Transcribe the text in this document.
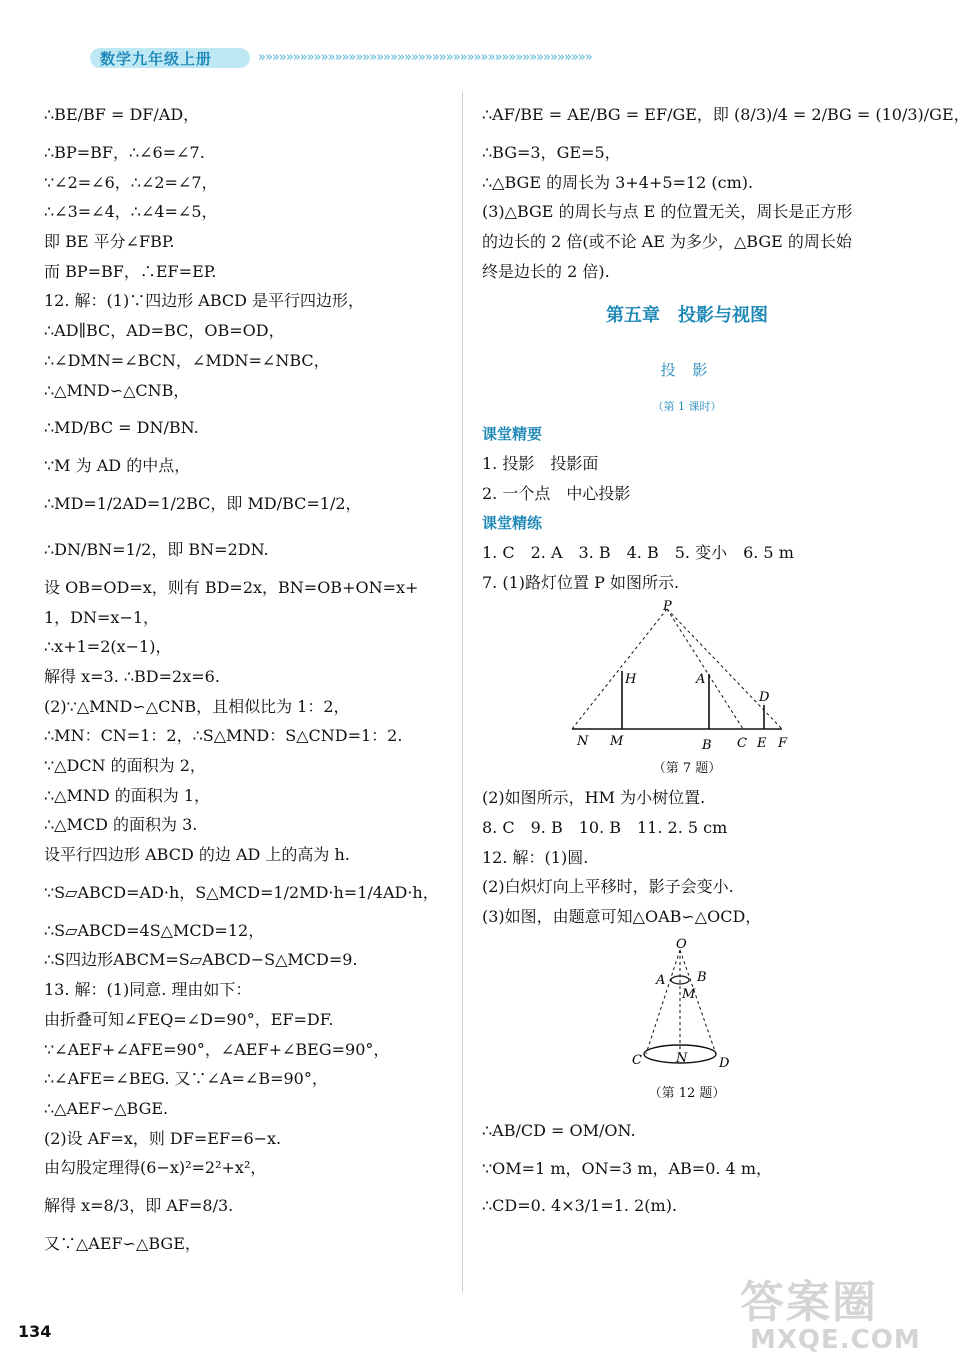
数学九年级上册	»»»»»»»»»»»»»»»»»»»»»»»»»»»»»»»»»»»»»»»»»»»»»»»»
∴BE/BF = DF/AD，
∴BP=BF，∴∠6=∠7.
∵∠2=∠6，∴∠2=∠7，
∴∠3=∠4，∴∠4=∠5，
即 BE 平分∠FBP.
而 BP=BF，∴EF=EP.
12. 解：(1)∵四边形 ABCD 是平行四边形，
∴AD∥BC，AD=BC，OB=OD，
∴∠DMN=∠BCN，∠MDN=∠NBC，
∴△MND∽△CNB，
∴MD/BC = DN/BN.
∵M 为 AD 的中点，
∴MD=1/2AD=1/2BC，即 MD/BC=1/2，
∴DN/BN=1/2，即 BN=2DN.
设 OB=OD=x，则有 BD=2x，BN=OB+ON=x+
1，DN=x−1，
∴x+1=2(x−1)，
解得 x=3. ∴BD=2x=6.
(2)∵△MND∽△CNB，且相似比为 1：2，
∴MN：CN=1：2，∴S△MND：S△CND=1：2.
∵△DCN 的面积为 2，
∴△MND 的面积为 1，
∴△MCD 的面积为 3.
设平行四边形 ABCD 的边 AD 上的高为 h.
∵S▱ABCD=AD·h，S△MCD=1/2MD·h=1/4AD·h，
∴S▱ABCD=4S△MCD=12，
∴S四边形ABCM=S▱ABCD−S△MCD=9.
13. 解：(1)同意. 理由如下：
由折叠可知∠FEQ=∠D=90°，EF=DF.
∵∠AEF+∠AFE=90°，∠AEF+∠BEG=90°，
∴∠AFE=∠BEG. 又∵∠A=∠B=90°，
∴△AEF∽△BGE.
(2)设 AF=x，则 DF=EF=6−x.
由勾股定理得(6−x)²=2²+x²，
解得 x=8/3，即 AF=8/3.
又∵△AEF∽△BGE，
∴AF/BE = AE/BG = EF/GE，即 (8/3)/4 = 2/BG = (10/3)/GE，
∴BG=3，GE=5，
∴△BGE 的周长为 3+4+5=12 (cm).
(3)△BGE 的周长与点 E 的位置无关，周长是正方形
的边长的 2 倍(或不论 AE 为多少，△BGE 的周长始
终是边长的 2 倍).
第五章　投影与视图
投 影
（第 1 课时）
课堂精要
1. 投影　投影面
2. 一个点　中心投影
课堂精练
1. C　2. A　3. B　4. B　5. 变小　6. 5 m
7. (1)路灯位置 P 如图所示.
P
H	A
D
N M	B C E F
（第 7 题）
(2)如图所示，HM 为小树位置.
8. C　9. B　10. B　11. 2. 5 cm
12. 解：(1)圆.
(2)白炽灯向上平移时，影子会变小.
(3)如图，由题意可知△OAB∽△OCD，
O
A B
M
C	N D
（第 12 题）
∴AB/CD = OM/ON.
∵OM=1 m，ON=3 m，AB=0. 4 m，
∴CD=0. 4×3/1=1. 2(m).
134
答案圈
MXQE.COM
